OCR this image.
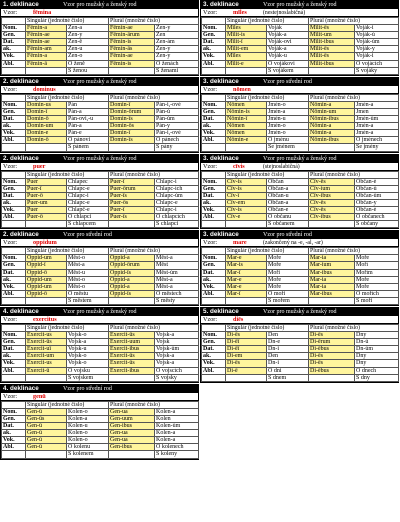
1. deklinace	Vzor pro mužský a ženský rod
Vzor:	fēmina
	Singulár (jednotné číslo)		Plurál (množné číslo)	
Nom.	Fēmin-a	Žen-a	Fēmin-ae	Žen-y
Gen.	Fēmin-ae	Žen-y	Fēmin-ārum	Žen
Dat.	Fēmin-ae	Žen-ě	Fēmin-is	Žen-ám
ak.	Fēmin-am	Žen-u	Fēmin-ās	Žen-y
Vok.	Fēmin-a	Žen-o	Fēmin-ae	Žen-y
Abl.	Fēmin-ā	O ženě	Fēmin-is	O ženách
		S ženou		S ženami
2. deklinace	Vzor pro mužský a ženský rod
Vzor:	dominus
	Singulár (jednotné číslo)		Plurál (množné číslo)	
Nom.	Domin-us	Pán	Domin-ī	Pán-i,-ové
Gen.	Domin-ī	Pán-a	Domin-ōrum	Pán-ů
Dat.	Domin-ō	Pán-ovi,-u	Domin-īs	Pán-ům
ak.	Domin-um	Pán-a	Domin-ōs	Pán-y
Vok.	Domin-e	Pán-e	Domin-ī	Pán-i,-ové
Abl.	Domin-ō	O pánovi	Domin-īs	O pánech
		S pánem		S pány
2. deklinace	Vzor pro mužský a ženský rod
Vzor:	puer
	Singulár (jednotné číslo)		Plurál (množné číslo)	
Nom.	Puer	Chlapec	Puer-ī	Chlapc-i
Gen.	Puer-ī	Chlapc-e	Puer-ōrum	Chlapc-ích
Dat.	Puer-ō	Chlapc-i	Puer-īs	Chlapc-ům
ak.	Puer-um	Chlapc-e	Puer-ōs	Chlapc-e
Vok.	Puer	Chlapč-e	Puer-ī	Chlapc-i
Abl.	Puer-ō	O chlapci	Puer-īs	O chlapcích
		S chlapcem		S chlapci
2. deklinace	Vzor pro střední rod
Vzor:	oppidum
	Singulár (jednotné číslo)		Plurál (množné číslo)	
Nom.	Oppid-um	Měst-o	Oppid-a	Měst-a
Gen.	Oppid-ī	Měst-a	Oppid-ōrum	Měst
Dat.	Oppid-ō	Měst-u	Oppid-īs	Měst-ům
ak.	Oppid-um	Měst-o	Oppid-a	Měst-a
Vok.	Oppid-um	Měst-o	Oppid-a	Měst-a
Abl.	Oppid-ō	O městu	Oppid-īs	O městech
		S městem		S městy
4. deklinace	Vzor pro mužský a ženský rod
Vzor:	exercitus
	Singulár (jednotné číslo)		Plurál (množné číslo)	
Nom.	Exercit-us	Vojsk-o	Exercit-ūs	Vojsk-a
Gen.	Exercit-ūs	Vojsk-a	Exercit-uum	Vojsk
Dat.	Exercit-uī	Vojsk-u	Exercit-ibus	Vojsk-ům
ak.	Exercit-um	Vojsk-o	Exercit-ūs	Vojsk-a
Vok.	Exercit-us	Vojsk-o	Exercit-ūs	Vojsk-a
Abl.	Exercit-ū	O vojsku	Exercit-ibus	O vojscích
		S vojskem		S vojsky
4. deklinace	Vzor pro střední rod
Vzor:	genū
	Singulár (jednotné číslo)		Plurál (množné číslo)	
Nom.	Gen-ū	Kolen-o	Gen-ua	Kolen-a
Gen.	Gen-ūs	Kolen-a	Gen-uum	Kolen
Dat.	Gen-ū	Kolen-u	Gen-ibus	Kolen-ům
ak.	Gen-ū	Kolen-o	Gen-ua	Kolen-a
Vok.	Gen-ū	Kolen-o	Gen-ua	Kolen-a
Abl.	Gen-ū	O kolenu	Gen-ibus	O kolenech
		S kolenem		S koleny
3. deklinace	Vzor pro mužský a ženský rod
Vzor:	mīles	(nestejnoslabičná)
	Singulár (jednotné číslo)		Plurál (množné číslo)	
Nom.	Mīles	Voják	Mīlit-ēs	Voják-i
Gen.	Mīlit-is	Voják-a	Mīlit-um	Voják-ů
Dat.	Mīlit-ī	Voják-ovi	Mīlit-ibus	Voják-ům
ak.	Mīlit-em	Voják-a	Mīlit-ēs	Voják-y
Vok.	Mīles	Voják-u	Mīlit-ēs	Voják-i
Abl.	Mīlit-e	O vojákovi	Mīlit-ibus	O vojácích
		S vojákem		S vojáky
3. deklinace	Vzor pro střední rod
Vzor:	nōmen
	Singulár (jednotné číslo)		Plurál (množné číslo)	
Nom.	Nōmen	Jmén-o	Nōmin-a	Jmén-a
Gen.	Nōmin-is	Jmén-a	Nōmin-um	Jmen
Dat.	Nōmin-ī	Jmén-u	Nōmin-ibus	Jmén-ům
ak.	Nōmen	Jmén-o	Nōmin-a	Jmén-a
Vok.	Nōmen	Jmén-o	Nōmin-a	Jmén-a
Abl.	Nōmin-e	O jménu	Nōmin-ibus	O jménech
		Se jménem		Se jmény
3. deklinace	Vzor pro mužský a ženský rod
Vzor:	cīvis	(stejnoslabičná)
	Singulár (jednotné číslo)		Plurál (množné číslo)	
Nom.	Cīv-is	Občan	Cīv-ēs	Občan-é
Gen.	Cīv-is	Občan-a	Cīv-ium	Občan-ů
Dat.	Cīv-ī	Občan-u	Cīv-ibus	Občan-ům
ak.	Cīv-em	Občan-a	Cīv-ēs	Občan-y
Vok.	Cīv-is	Občan-e	Cīv-ēs	Občan-é
Abl.	Cīv-e	O občanu	Cīv-ibus	O občanech
		S občanem		S občany
3. deklinace	Vzor pro střední rod
Vzor:	mare	(zakončený na -e, -al, -ar)
	Singulár (jednotné číslo)		Plurál (množné číslo)	
Nom.	Mar-e	Moře	Mar-ia	Moře
Gen.	Mar-is	Moře	Mar-ium	Moří
Dat.	Mar-ī	Moři	Mar-ibus	Mořím
ak.	Mar-e	Moře	Mar-ia	Moře
Vok.	Mar-e	Moře	Mar-ia	Moře
Abl.	Mar-ī	O moři	Mar-ibus	O mořích
		S mořem		S moři
5. deklinace	Vzor pro mužský a ženský rod
Vzor:	diēs
	Singulár (jednotné číslo)		Plurál (množné číslo)	
Nom.	Di-ēs	Den	Di-ēs	Dny
Gen.	Di-ēī	Dn-e	Di-ērum	Dn-ů
Dat.	Di-ēī	Dn-i	Di-ēbus	Dn-ům
ak.	Di-em	Den	Di-ēs	Dny
Vok.	Di-ēs	Dn-i	Di-ēs	Dny
Abl.	Di-ē	O dni	Di-ēbus	O dnech
		S dnem		S dny
